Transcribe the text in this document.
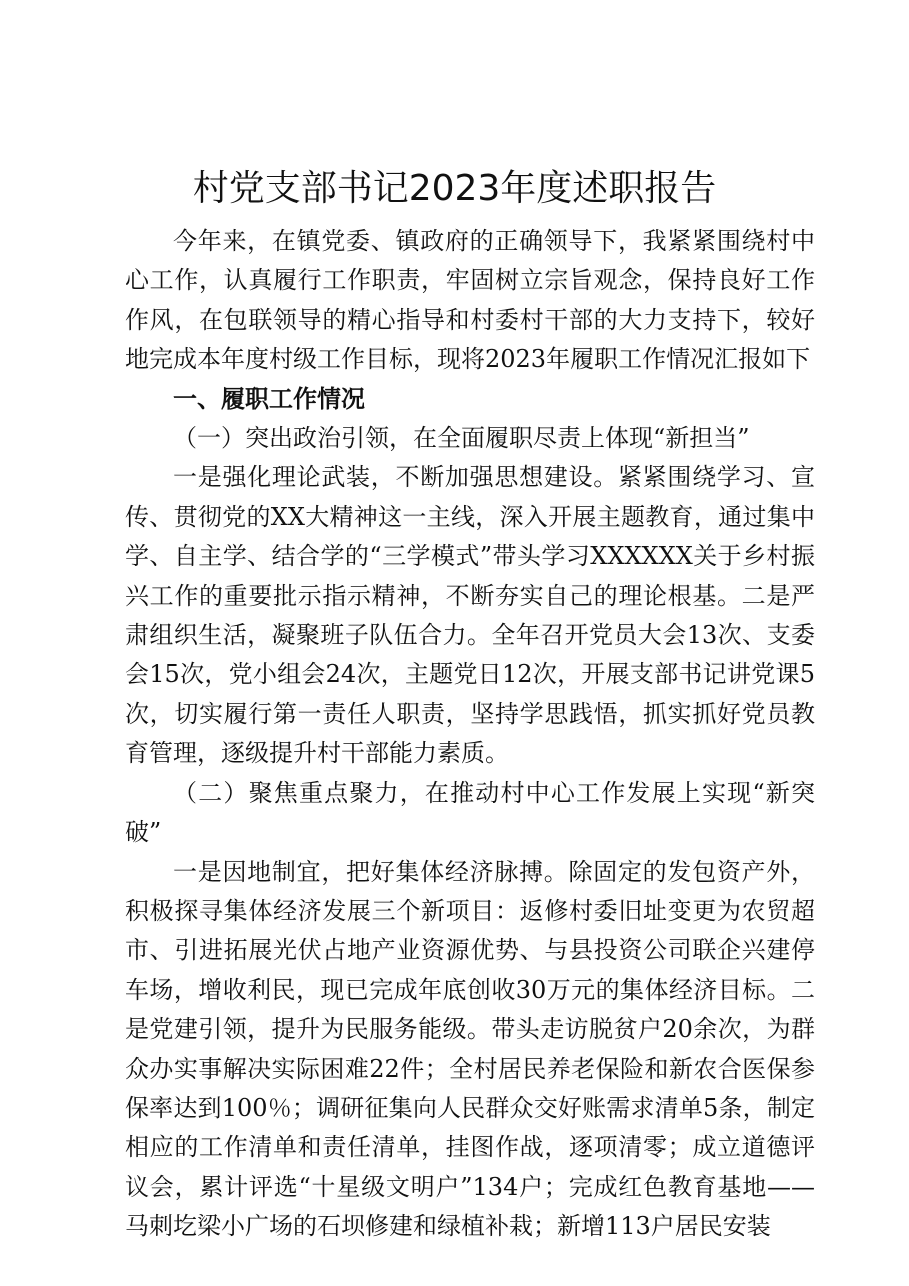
村党支部书记2023年度述职报告

今年来，在镇党委、镇政府的正确领导下，我紧紧围绕村中心工作，认真履行工作职责，牢固树立宗旨观念，保持良好工作作风，在包联领导的精心指导和村委村干部的大力支持下，较好地完成本年度村级工作目标，现将2023年履职工作情况汇报如下

一、履职工作情况

（一）突出政治引领，在全面履职尽责上体现“新担当”

一是强化理论武装，不断加强思想建设。紧紧围绕学习、宣传、贯彻党的XX大精神这一主线，深入开展主题教育，通过集中学、自主学、结合学的“三学模式”带头学习XXXXXX关于乡村振兴工作的重要批示指示精神，不断夯实自己的理论根基。二是严肃组织生活，凝聚班子队伍合力。全年召开党员大会13次、支委会15次，党小组会24次，主题党日12次，开展支部书记讲党课5次，切实履行第一责任人职责，坚持学思践悟，抓实抓好党员教育管理，逐级提升村干部能力素质。

（二）聚焦重点聚力，在推动村中心工作发展上实现“新突破”

一是因地制宜，把好集体经济脉搏。除固定的发包资产外，积极探寻集体经济发展三个新项目：返修村委旧址变更为农贸超市、引进拓展光伏占地产业资源优势、与县投资公司联企兴建停车场，增收利民，现已完成年底创收30万元的集体经济目标。二是党建引领，提升为民服务能级。带头走访脱贫户20余次，为群众办实事解决实际困难22件；全村居民养老保险和新农合医保参保率达到100％；调研征集向人民群众交好账需求清单5条，制定相应的工作清单和责任清单，挂图作战，逐项清零；成立道德评议会，累计评选“十星级文明户”134户；完成红色教育基地——马刺圪梁小广场的石坝修建和绿植补栽；新增113户居民安装
